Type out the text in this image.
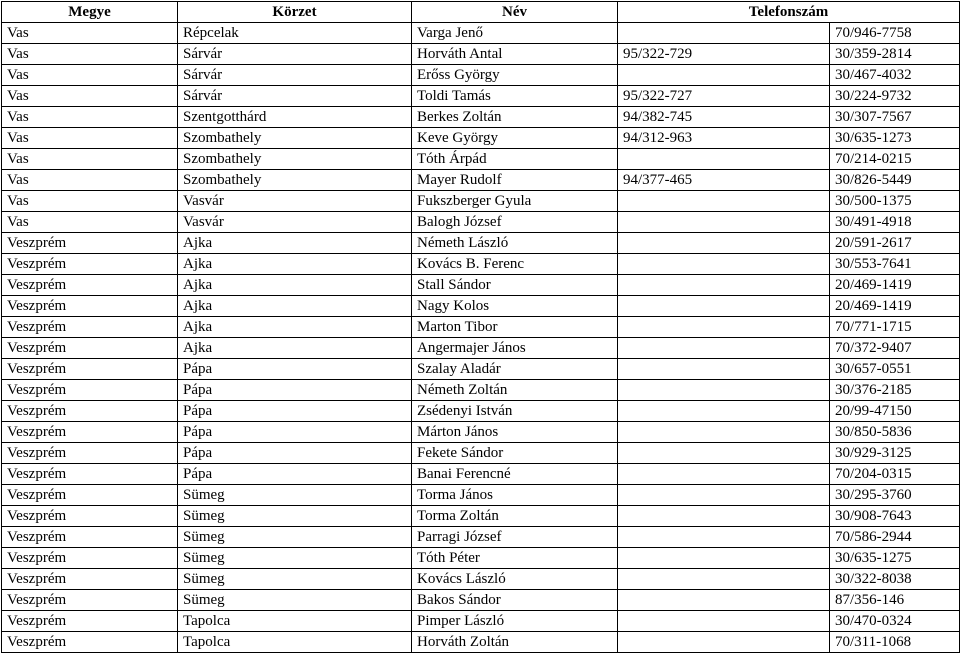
Megye	Körzet	Név	Telefonszám	
Vas	Répcelak	Varga Jenő		70/946-7758
Vas	Sárvár	Horváth Antal	95/322-729	30/359-2814
Vas	Sárvár	Erőss György		30/467-4032
Vas	Sárvár	Toldi Tamás	95/322-727	30/224-9732
Vas	Szentgotthárd	Berkes Zoltán	94/382-745	30/307-7567
Vas	Szombathely	Keve György	94/312-963	30/635-1273
Vas	Szombathely	Tóth Árpád		70/214-0215
Vas	Szombathely	Mayer Rudolf	94/377-465	30/826-5449
Vas	Vasvár	Fukszberger Gyula		30/500-1375
Vas	Vasvár	Balogh József		30/491-4918
Veszprém	Ajka	Németh László		20/591-2617
Veszprém	Ajka	Kovács B. Ferenc		30/553-7641
Veszprém	Ajka	Stall Sándor		20/469-1419
Veszprém	Ajka	Nagy Kolos		20/469-1419
Veszprém	Ajka	Marton Tibor		70/771-1715
Veszprém	Ajka	Angermajer János		70/372-9407
Veszprém	Pápa	Szalay Aladár		30/657-0551
Veszprém	Pápa	Németh Zoltán		30/376-2185
Veszprém	Pápa	Zsédenyi István		20/99-47150
Veszprém	Pápa	Márton János		30/850-5836
Veszprém	Pápa	Fekete Sándor		30/929-3125
Veszprém	Pápa	Banai Ferencné		70/204-0315
Veszprém	Sümeg	Torma János		30/295-3760
Veszprém	Sümeg	Torma Zoltán		30/908-7643
Veszprém	Sümeg	Parragi József		70/586-2944
Veszprém	Sümeg	Tóth Péter		30/635-1275
Veszprém	Sümeg	Kovács László		30/322-8038
Veszprém	Sümeg	Bakos Sándor		87/356-146
Veszprém	Tapolca	Pimper László		30/470-0324
Veszprém	Tapolca	Horváth Zoltán		70/311-1068
